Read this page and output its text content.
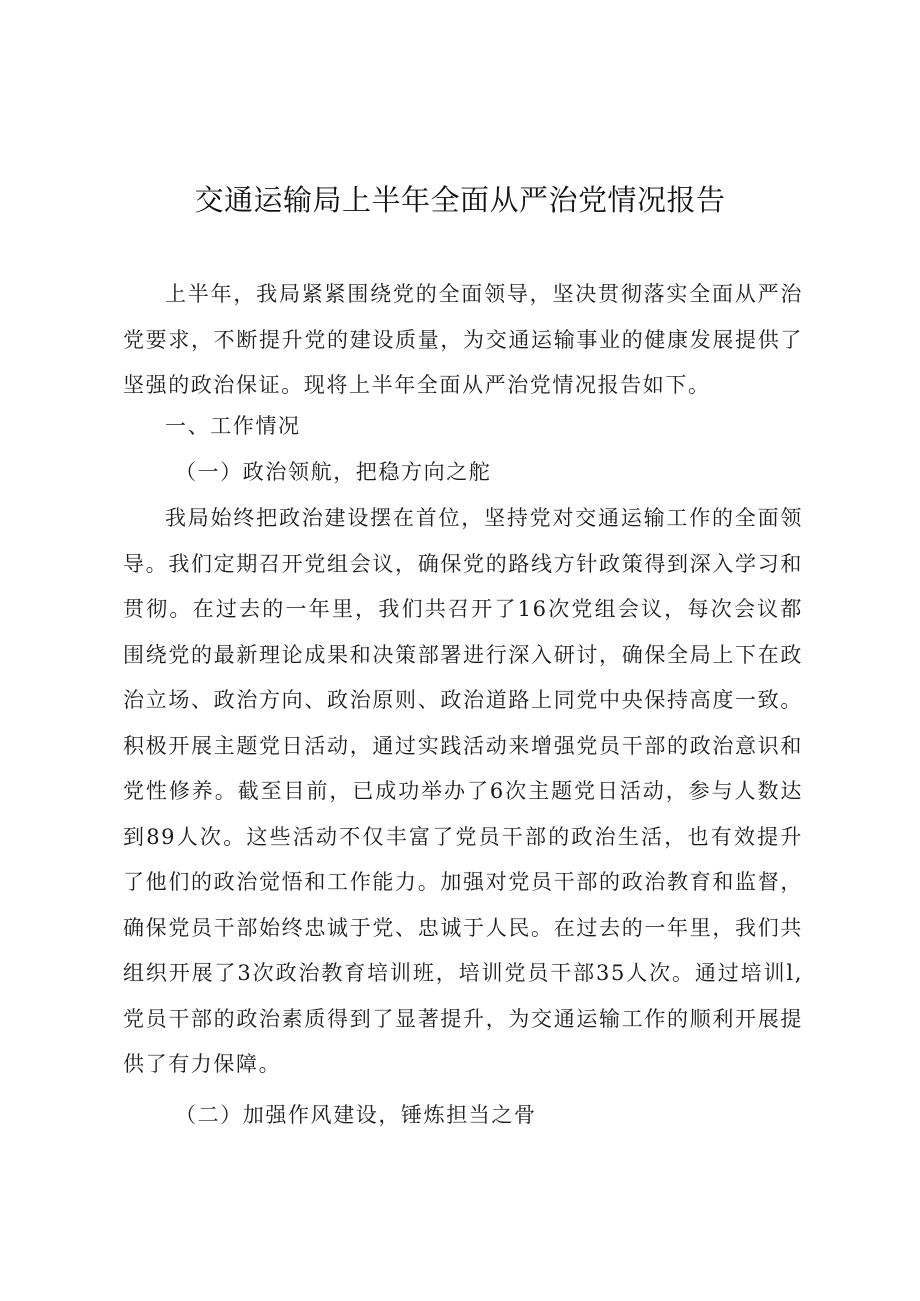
交通运输局上半年全面从严治党情况报告

上半年，我局紧紧围绕党的全面领导，坚决贯彻落实全面从严治党要求，不断提升党的建设质量，为交通运输事业的健康发展提供了坚强的政治保证。现将上半年全面从严治党情况报告如下。

一、工作情况

（一）政治领航，把稳方向之舵

我局始终把政治建设摆在首位，坚持党对交通运输工作的全面领导。我们定期召开党组会议，确保党的路线方针政策得到深入学习和贯彻。在过去的一年里，我们共召开了16次党组会议，每次会议都围绕党的最新理论成果和决策部署进行深入研讨，确保全局上下在政治立场、政治方向、政治原则、政治道路上同党中央保持高度一致。积极开展主题党日活动，通过实践活动来增强党员干部的政治意识和党性修养。截至目前，已成功举办了6次主题党日活动，参与人数达到89人次。这些活动不仅丰富了党员干部的政治生活，也有效提升了他们的政治觉悟和工作能力。加强对党员干部的政治教育和监督，确保党员干部始终忠诚于党、忠诚于人民。在过去的一年里，我们共组织开展了3次政治教育培训班，培训党员干部35人次。通过培训l,党员干部的政治素质得到了显著提升，为交通运输工作的顺利开展提供了有力保障。

（二）加强作风建设，锤炼担当之骨
